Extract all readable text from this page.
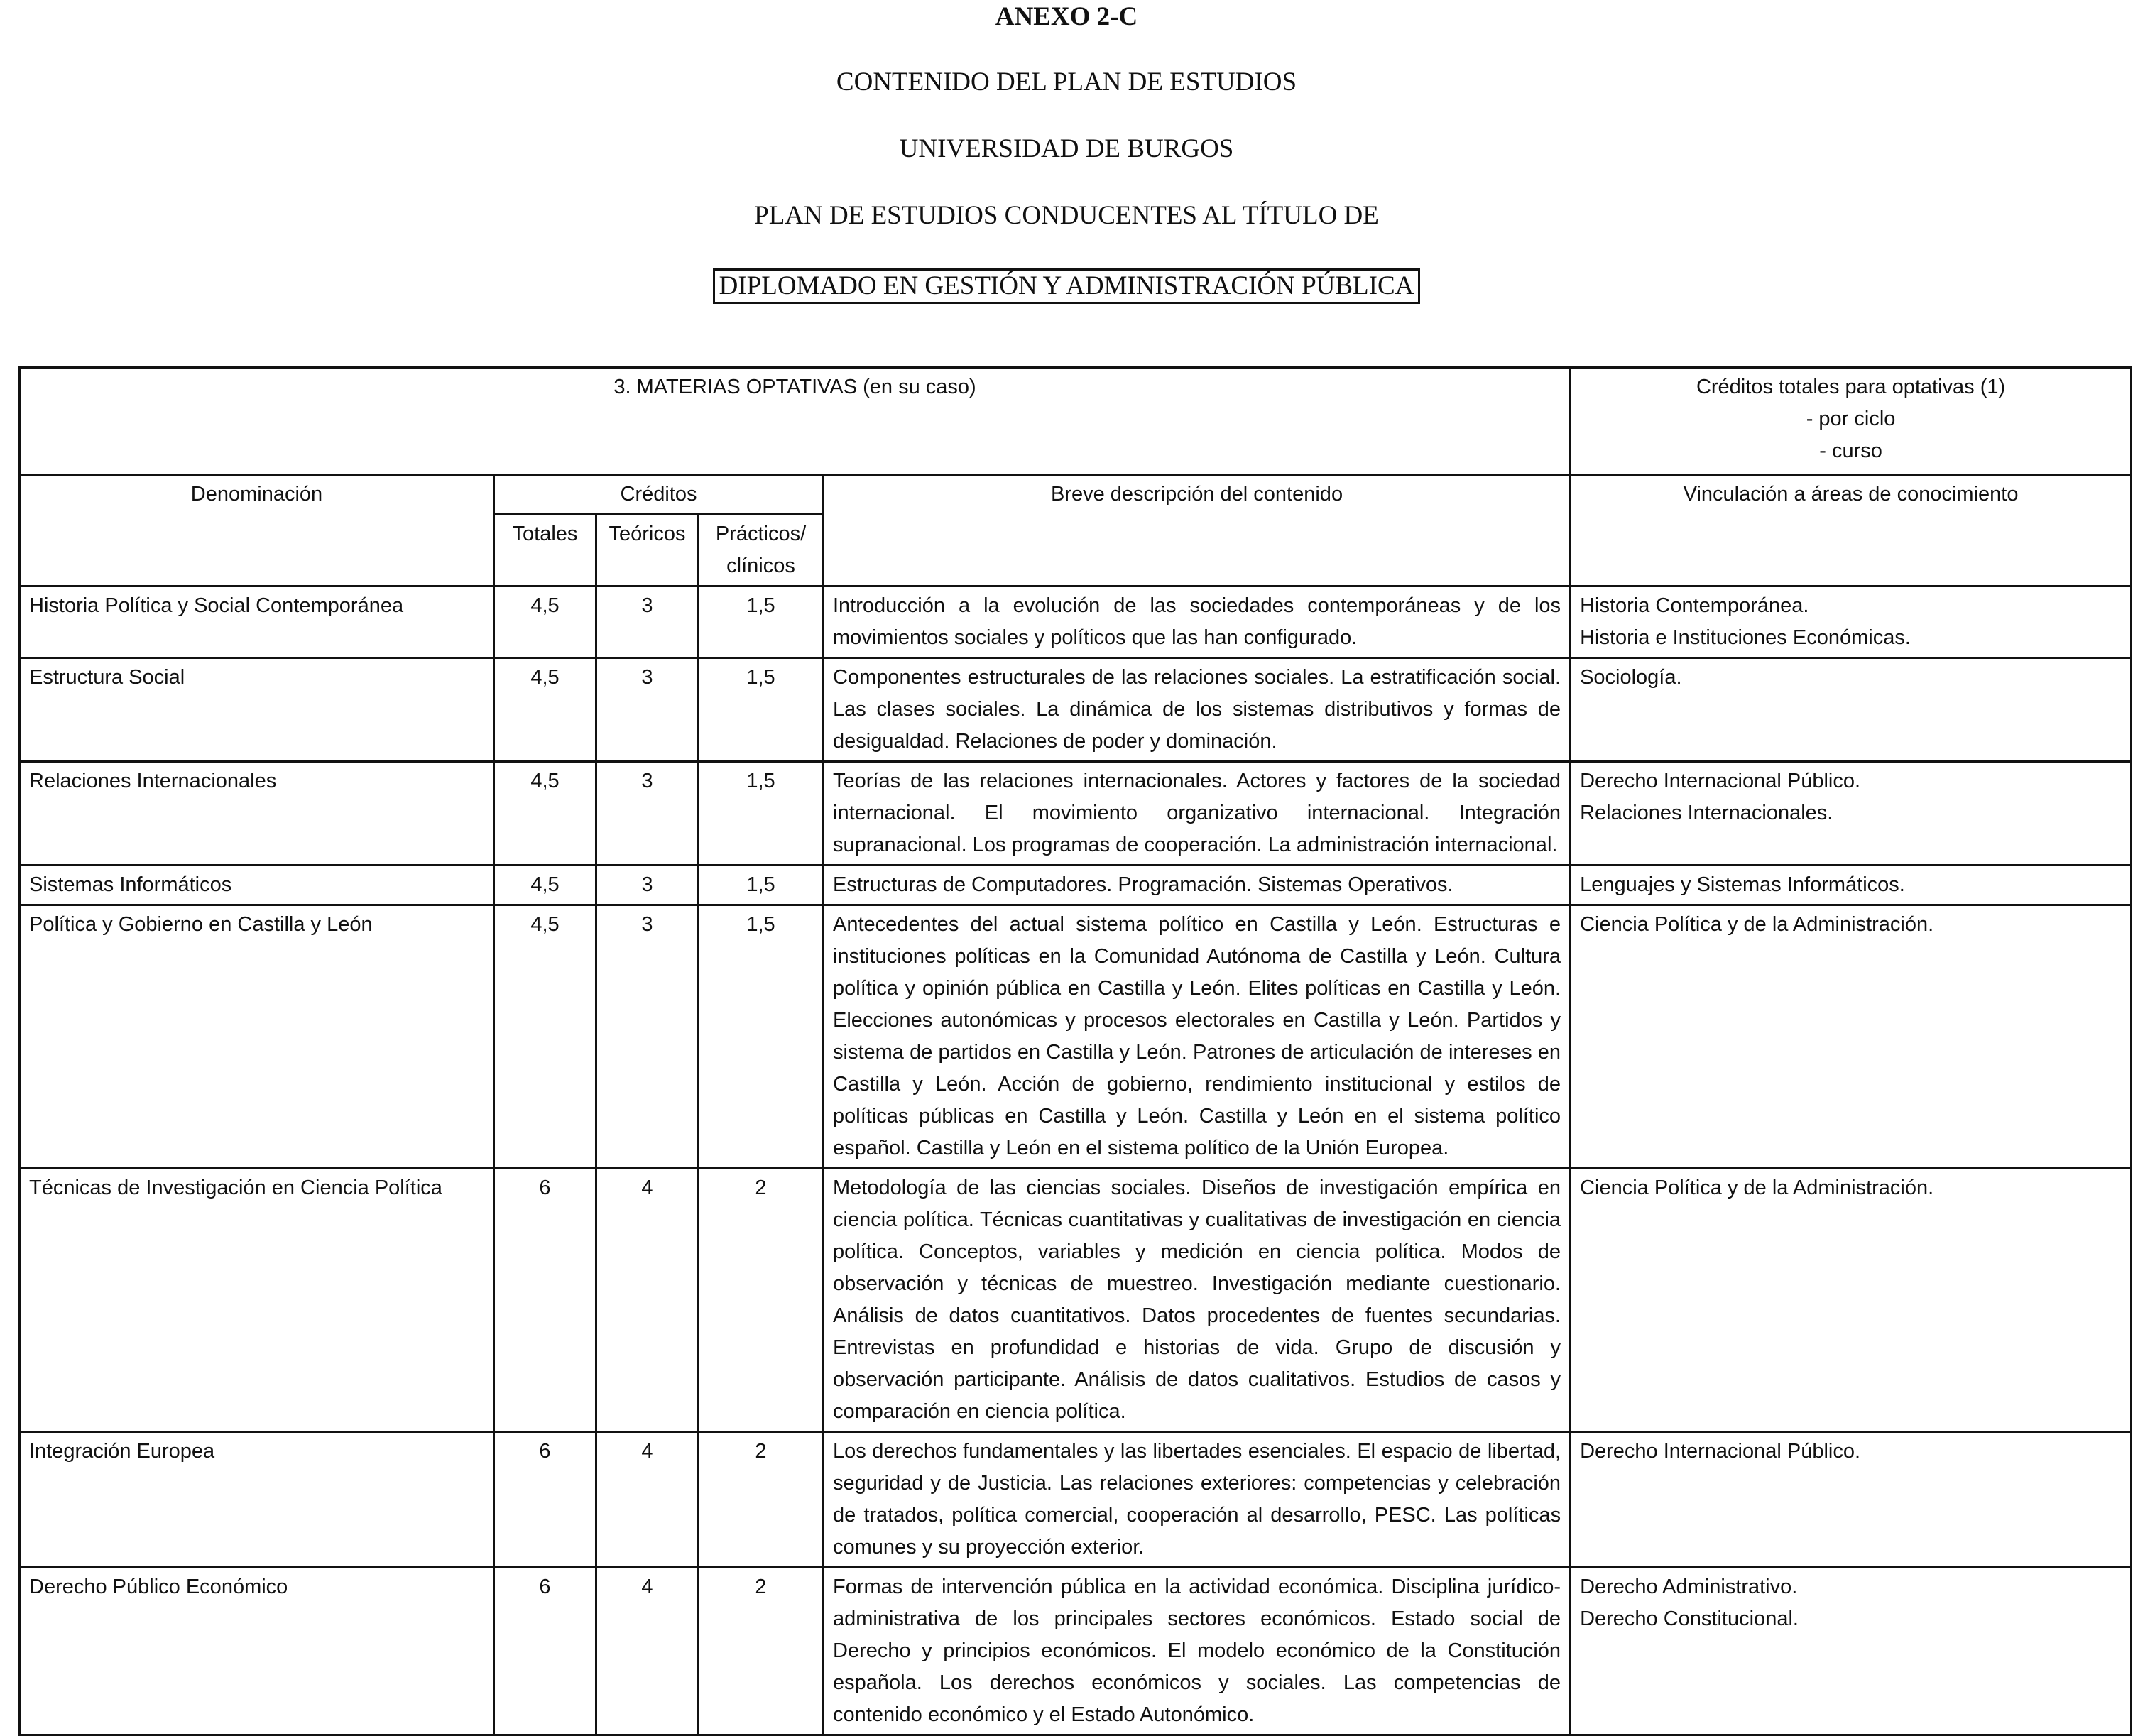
ANEXO 2-C
CONTENIDO DEL PLAN DE ESTUDIOS
UNIVERSIDAD DE BURGOS
PLAN DE ESTUDIOS CONDUCENTES AL TÍTULO DE
DIPLOMADO EN GESTIÓN Y ADMINISTRACIÓN PÚBLICA
3. MATERIAS OPTATIVAS (en su caso)					Créditos totales para optativas (1)
- por ciclo
- curso

Denominación	Créditos			Breve descripción del contenido	Vinculación a áreas de conocimiento
	Totales	Teóricos	Prácticos/ clínicos		
Historia Política y Social Contemporánea	4,5	3	1,5	Introducción a la evolución de las sociedades contemporáneas y de los movimientos sociales y políticos que las han configurado.	Historia Contemporánea.
Historia e Instituciones Económicas.

Estructura Social	4,5	3	1,5	Componentes estructurales de las relaciones sociales. La estratificación social. Las clases sociales. La dinámica de los sistemas distributivos y formas de desigualdad. Relaciones de poder y dominación.	Sociología.

Relaciones Internacionales	4,5	3	1,5	Teorías de las relaciones internacionales. Actores y factores de la sociedad internacional. El movimiento organizativo internacional. Integración supranacional. Los programas de cooperación. La administración internacional.	Derecho Internacional Público.
Relaciones Internacionales.

Sistemas Informáticos	4,5	3	1,5	Estructuras de Computadores. Programación. Sistemas Operativos.	Lenguajes y Sistemas Informáticos.

Política y Gobierno en Castilla y León	4,5	3	1,5	Antecedentes del actual sistema político en Castilla y León. Estructuras e instituciones políticas en la Comunidad Autónoma de Castilla y León. Cultura política y opinión pública en Castilla y León. Elites políticas en Castilla y León. Elecciones autonómicas y procesos electorales en Castilla y León. Partidos y sistema de partidos en Castilla y León. Patrones de articulación de intereses en Castilla y León. Acción de gobierno, rendimiento institucional y estilos de políticas públicas en Castilla y León. Castilla y León en el sistema político español. Castilla y León en el sistema político de la Unión Europea.	Ciencia Política y de la Administración.

Técnicas de Investigación en Ciencia Política	6	4	2	Metodología de las ciencias sociales. Diseños de investigación empírica en ciencia política. Técnicas cuantitativas y cualitativas de investigación en ciencia política. Conceptos, variables y medición en ciencia política. Modos de observación y técnicas de muestreo. Investigación mediante cuestionario. Análisis de datos cuantitativos. Datos procedentes de fuentes secundarias. Entrevistas en profundidad e historias de vida. Grupo de discusión y observación participante. Análisis de datos cualitativos. Estudios de casos y comparación en ciencia política.	Ciencia Política y de la Administración.

Integración Europea	6	4	2	Los derechos fundamentales y las libertades esenciales. El espacio de libertad, seguridad y de Justicia. Las relaciones exteriores: competencias y celebración de tratados, política comercial, cooperación al desarrollo, PESC. Las políticas comunes y su proyección exterior.	Derecho Internacional Público.

Derecho Público Económico	6	4	2	Formas de intervención pública en la actividad económica. Disciplina jurídico-administrativa de los principales sectores económicos. Estado social de Derecho y principios económicos. El modelo económico de la Constitución española. Los derechos económicos y sociales. Las competencias de contenido económico y el Estado Autonómico.	Derecho Administrativo.
Derecho Constitucional.
